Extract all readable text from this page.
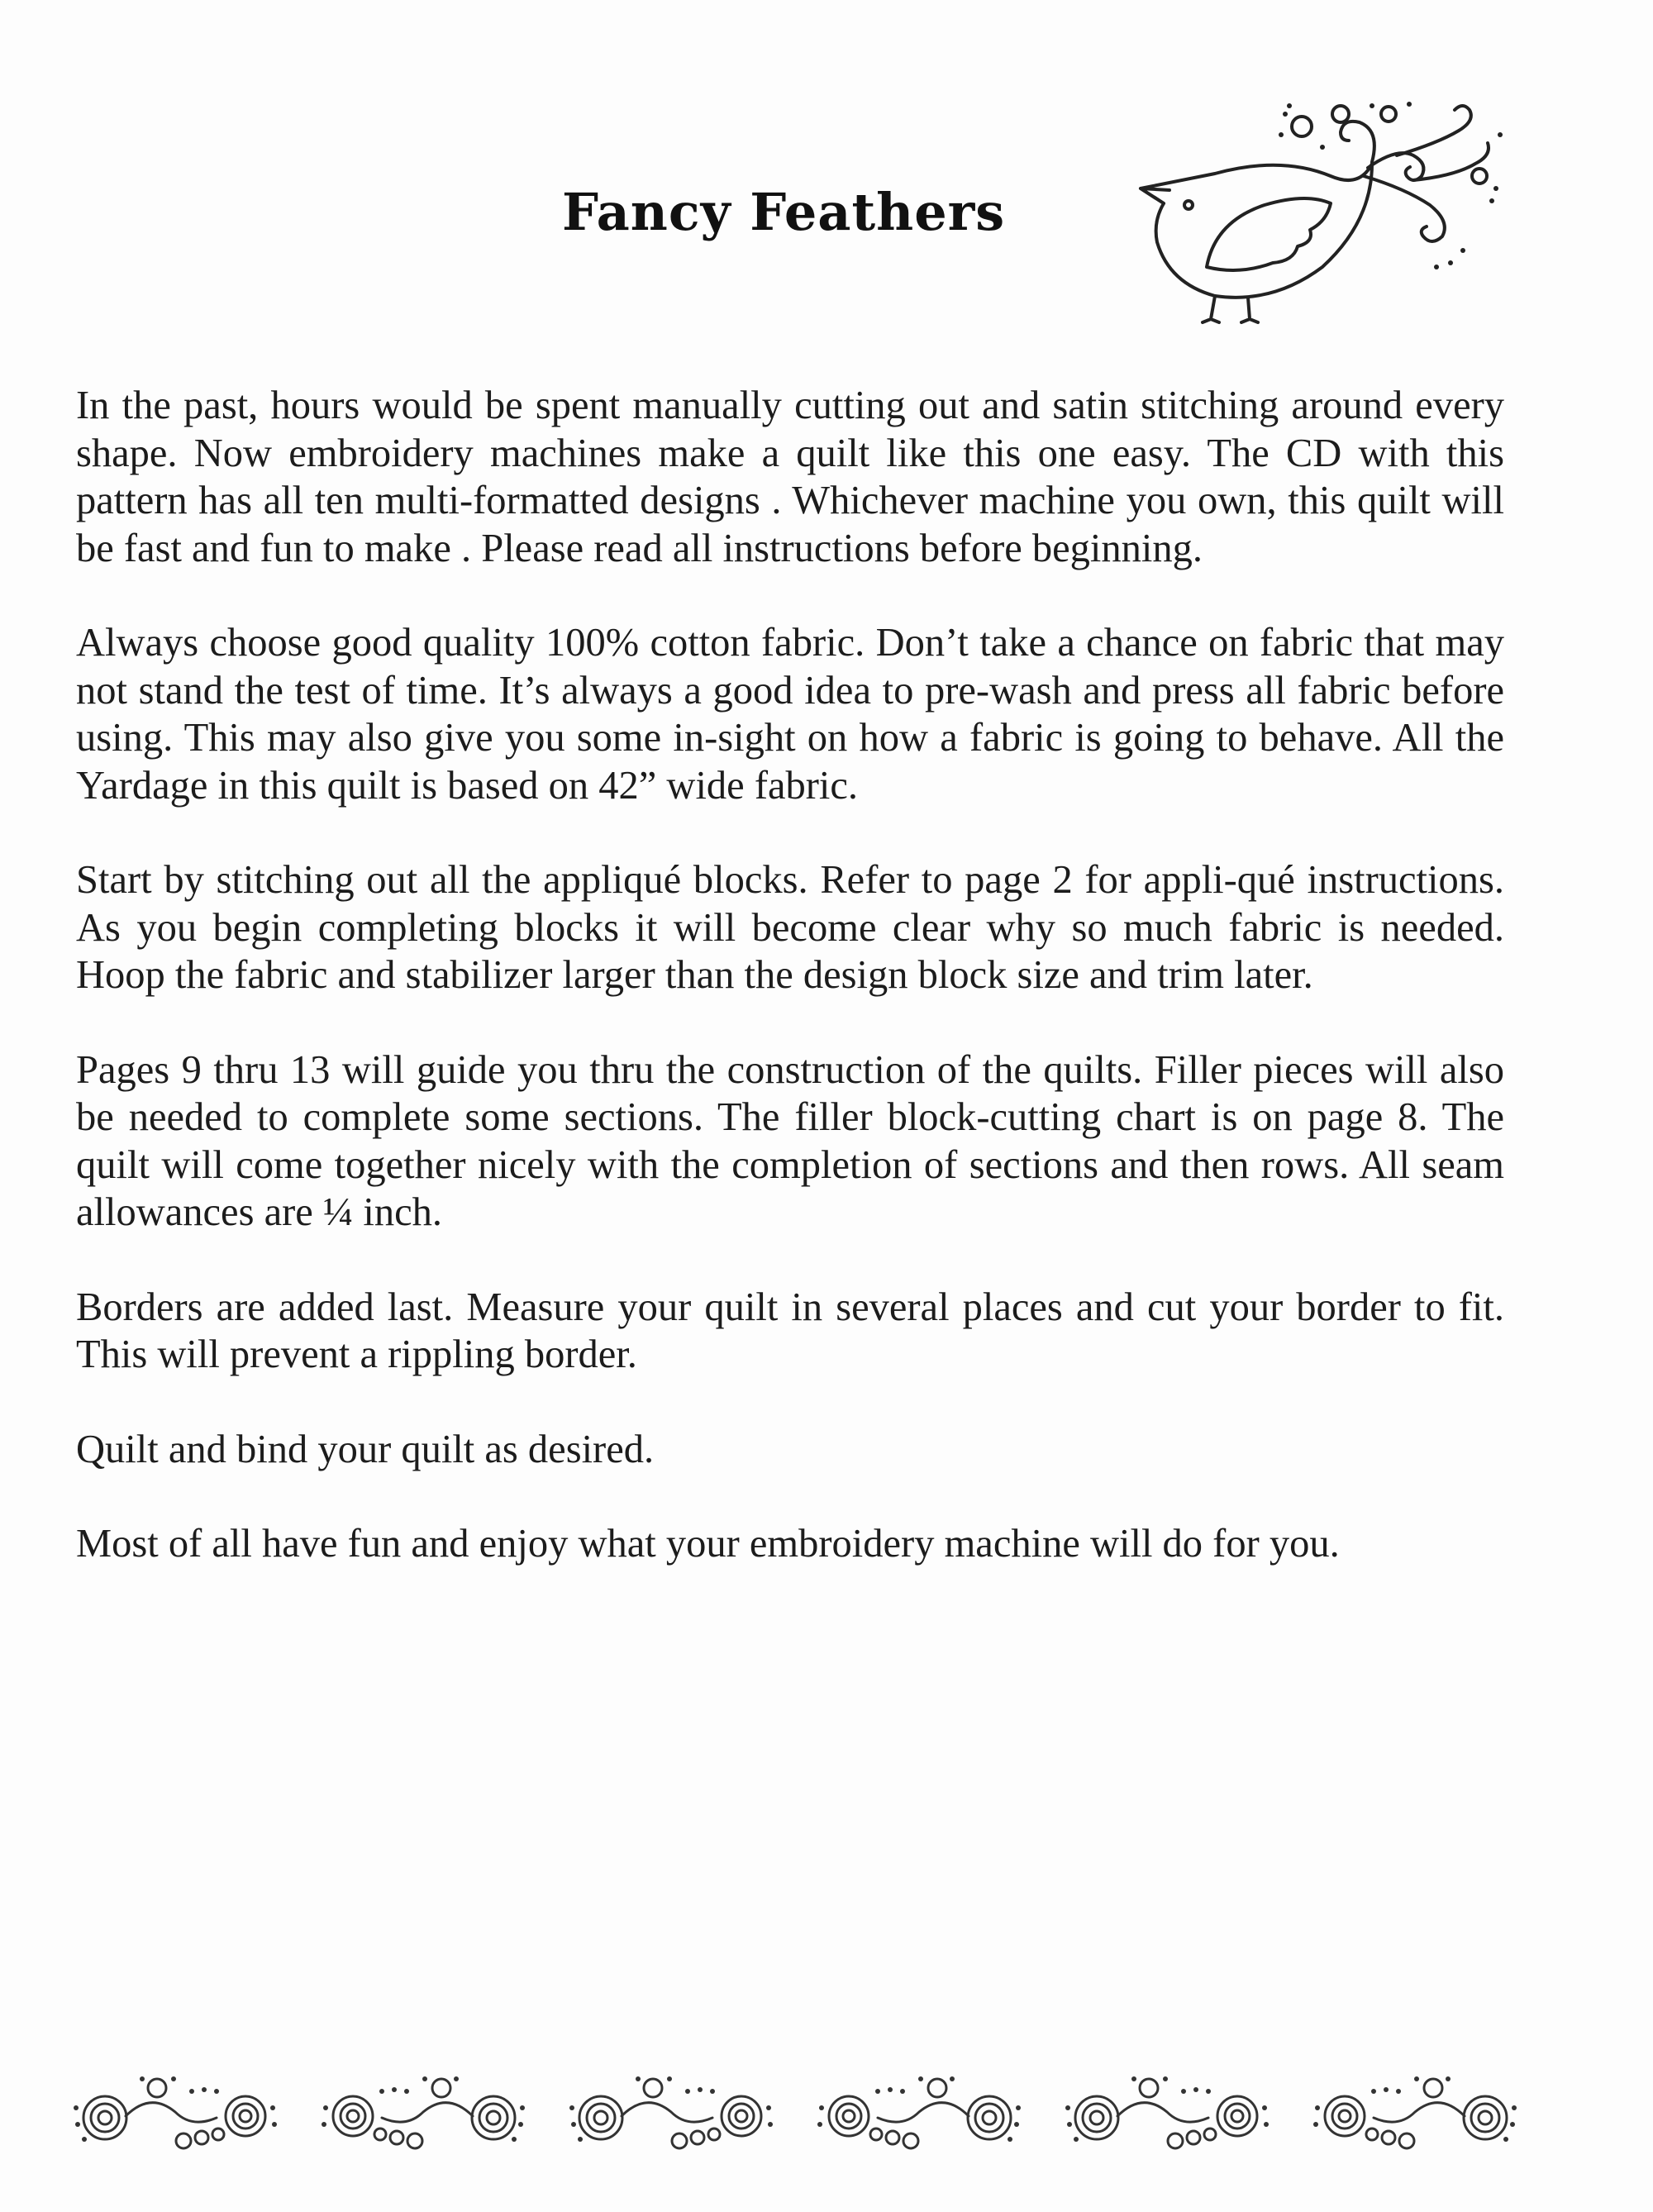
Fancy Feathers

In the past, hours would be spent manually cutting out and satin stitching around every shape. Now embroidery machines make a quilt like this one easy. The CD with this pattern has all ten multi-formatted designs . Whichever machine you own, this quilt will be fast and fun to make . Please read all instructions before beginning.

Always choose good quality 100% cotton fabric. Don’t take a chance on fabric that may not stand the test of time. It’s always a good idea to pre-wash and press all fabric before using. This may also give you some in-sight on how a fabric is going to behave. All the Yardage in this quilt is based on 42” wide fabric.

Start by stitching out all the appliqué blocks. Refer to page 2 for appli-qué instructions. As you begin completing blocks it will become clear why so much fabric is needed. Hoop the fabric and stabilizer larger than the design block size and trim later.

Pages 9 thru 13 will guide you thru the construction of the quilts. Filler pieces will also be needed to complete some sections. The filler block-cutting chart is on page 8. The quilt will come together nicely with the completion of sections and then rows. All seam allowances are ¼ inch.

Borders are added last. Measure your quilt in several places and cut your border to fit. This will prevent a rippling border.

Quilt and bind your quilt as desired.

Most of all have fun and enjoy what your embroidery machine will do for you.
